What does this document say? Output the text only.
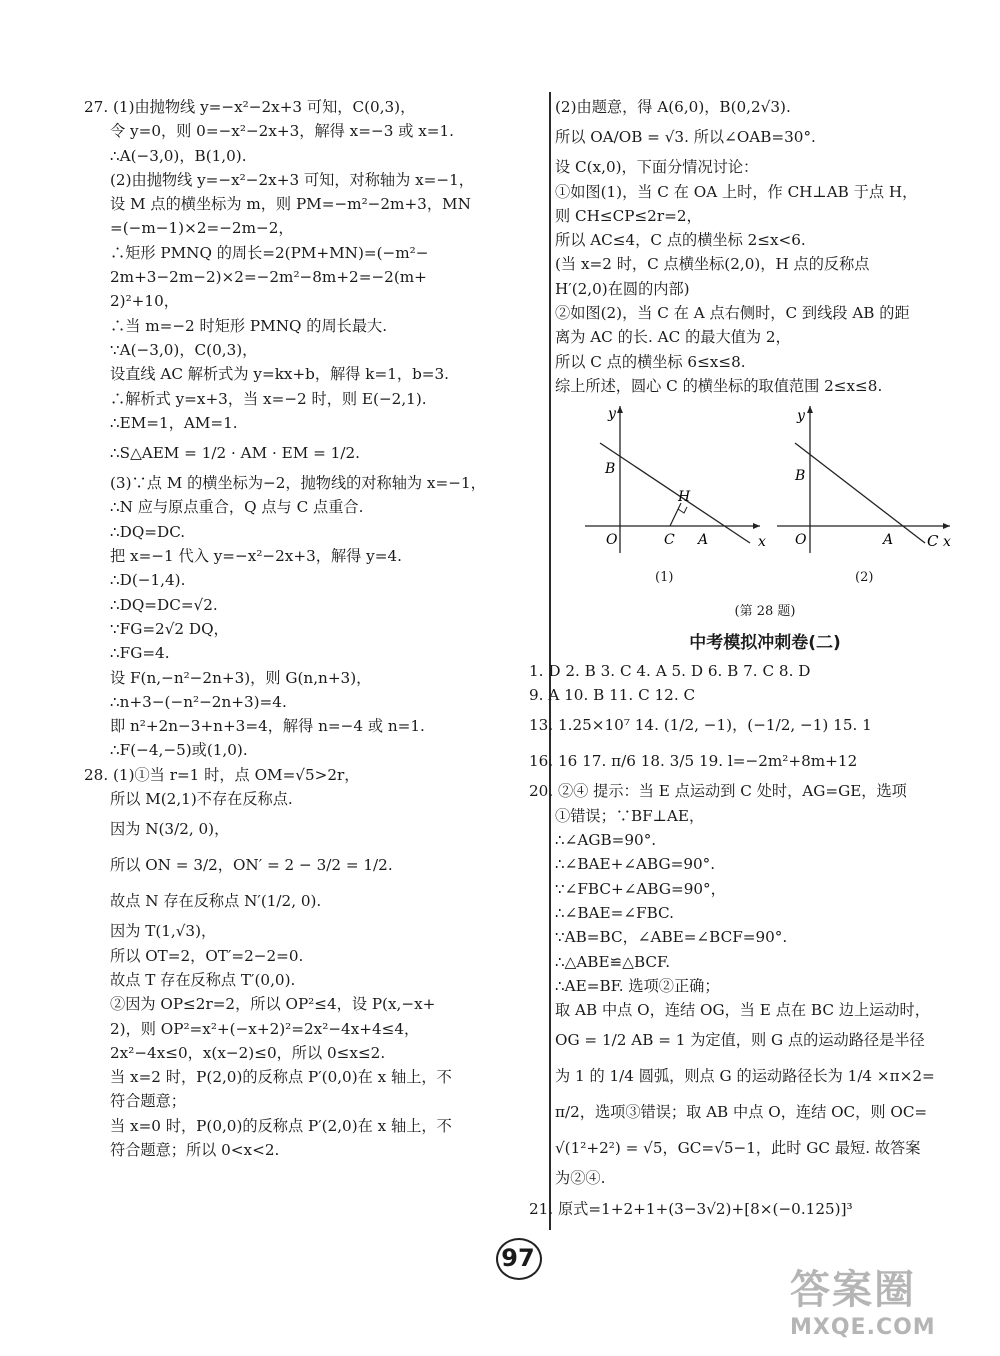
27. (1)由抛物线 y=−x²−2x+3 可知，C(0,3)，
令 y=0，则 0=−x²−2x+3，解得 x=−3 或 x=1.
∴A(−3,0)，B(1,0).
(2)由抛物线 y=−x²−2x+3 可知，对称轴为 x=−1，
设 M 点的横坐标为 m，则 PM=−m²−2m+3，MN
=(−m−1)×2=−2m−2，
∴矩形 PMNQ 的周长=2(PM+MN)=(−m²−
2m+3−2m−2)×2=−2m²−8m+2=−2(m+
2)²+10，
∴当 m=−2 时矩形 PMNQ 的周长最大.
∵A(−3,0)，C(0,3)，
设直线 AC 解析式为 y=kx+b，解得 k=1，b=3.
∴解析式 y=x+3，当 x=−2 时，则 E(−2,1).
∴EM=1，AM=1.
∴S△AEM = 1/2 · AM · EM = 1/2.
(3)∵点 M 的横坐标为−2，抛物线的对称轴为 x=−1，
∴N 应与原点重合，Q 点与 C 点重合.
∴DQ=DC.
把 x=−1 代入 y=−x²−2x+3，解得 y=4.
∴D(−1,4).
∴DQ=DC=√2.
∵FG=2√2 DQ，
∴FG=4.
设 F(n,−n²−2n+3)，则 G(n,n+3)，
∴n+3−(−n²−2n+3)=4.
即 n²+2n−3+n+3=4，解得 n=−4 或 n=1.
∴F(−4,−5)或(1,0).
28. (1)①当 r=1 时，点 OM=√5>2r，
所以 M(2,1)不存在反称点.
因为 N(3/2, 0)，
所以 ON = 3/2，ON′ = 2 − 3/2 = 1/2.
故点 N 存在反称点 N′(1/2, 0).
因为 T(1,√3)，
所以 OT=2，OT′=2−2=0.
故点 T 存在反称点 T′(0,0).
②因为 OP≤2r=2，所以 OP²≤4，设 P(x,−x+
2)，则 OP²=x²+(−x+2)²=2x²−4x+4≤4，
2x²−4x≤0，x(x−2)≤0，所以 0≤x≤2.
当 x=2 时，P(2,0)的反称点 P′(0,0)在 x 轴上，不
符合题意；
当 x=0 时，P(0,0)的反称点 P′(2,0)在 x 轴上，不
符合题意；所以 0<x<2.
(2)由题意，得 A(6,0)，B(0,2√3).
所以 OA/OB = √3. 所以∠OAB=30°.
设 C(x,0)，下面分情况讨论：
①如图(1)，当 C 在 OA 上时，作 CH⊥AB 于点 H，
则 CH≤CP≤2r=2，
所以 AC≤4，C 点的横坐标 2≤x<6.
(当 x=2 时，C 点横坐标(2,0)，H 点的反称点
H′(2,0)在圆的内部)
②如图(2)，当 C 在 A 点右侧时，C 到线段 AB 的距
离为 AC 的长. AC 的最大值为 2，
所以 C 点的横坐标 6≤x≤8.
综上所述，圆心 C 的横坐标的取值范围 2≤x≤8.
y
x
B
O	C A
H
y
x
B
O	A C
(1)	(2)
(第 28 题)
中考模拟冲刺卷(二)
1. D 2. B 3. C 4. A 5. D 6. B 7. C 8. D
9. A 10. B 11. C 12. C
13. 1.25×10⁷ 14. (1/2, −1)，(−1/2, −1) 15. 1
16. 16 17. π/6 18. 3/5 19. l=−2m²+8m+12
20. ②④ 提示：当 E 点运动到 C 处时，AG=GE，选项
①错误；∵BF⊥AE，
∴∠AGB=90°.
∴∠BAE+∠ABG=90°.
∵∠FBC+∠ABG=90°，
∴∠BAE=∠FBC.
∵AB=BC，∠ABE=∠BCF=90°.
∴△ABE≌△BCF.
∴AE=BF. 选项②正确；
取 AB 中点 O，连结 OG，当 E 点在 BC 边上运动时，
OG = 1/2 AB = 1 为定值，则 G 点的运动路径是半径
为 1 的 1/4 圆弧，则点 G 的运动路径长为 1/4 ×π×2=
π/2，选项③错误；取 AB 中点 O，连结 OC，则 OC=
√(1²+2²) = √5，GC=√5−1，此时 GC 最短. 故答案
为②④.
21. 原式=1+2+1+(3−3√2)+[8×(−0.125)]³
97
答案圈
MXQE.COM
